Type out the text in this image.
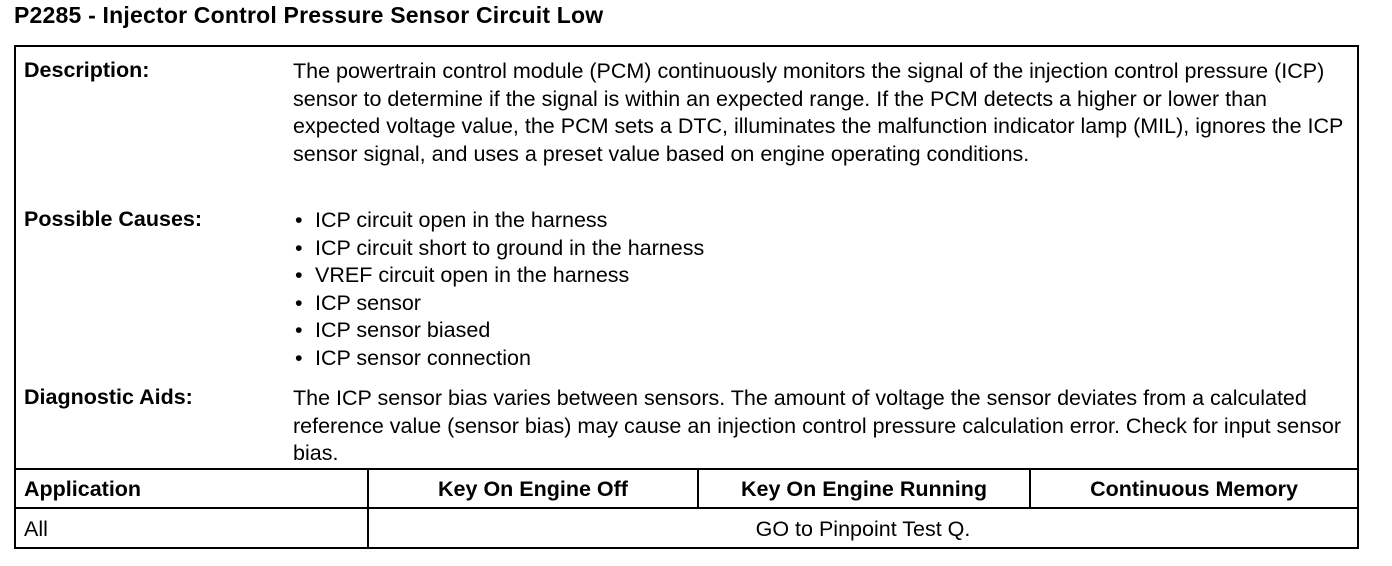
P2285 - Injector Control Pressure Sensor Circuit Low
Description:	The powertrain control module (PCM) continuously monitors the signal of the injection control pressure (ICP) sensor to determine if the signal is within an expected range. If the PCM detects a higher or lower than expected voltage value, the PCM sets a DTC, illuminates the malfunction indicator lamp (MIL), ignores the ICP sensor signal, and uses a preset value based on engine operating conditions.

Possible Causes:	• ICP circuit open in the harness
• ICP circuit short to ground in the harness
• VREF circuit open in the harness
• ICP sensor
• ICP sensor biased
• ICP sensor connection
Diagnostic Aids:	The ICP sensor bias varies between sensors. The amount of voltage the sensor deviates from a calculated reference value (sensor bias) may cause an injection control pressure calculation error. Check for input sensor bias.

Application	Key On Engine Off	Key On Engine Running	Continuous Memory
All	GO to Pinpoint Test Q.
